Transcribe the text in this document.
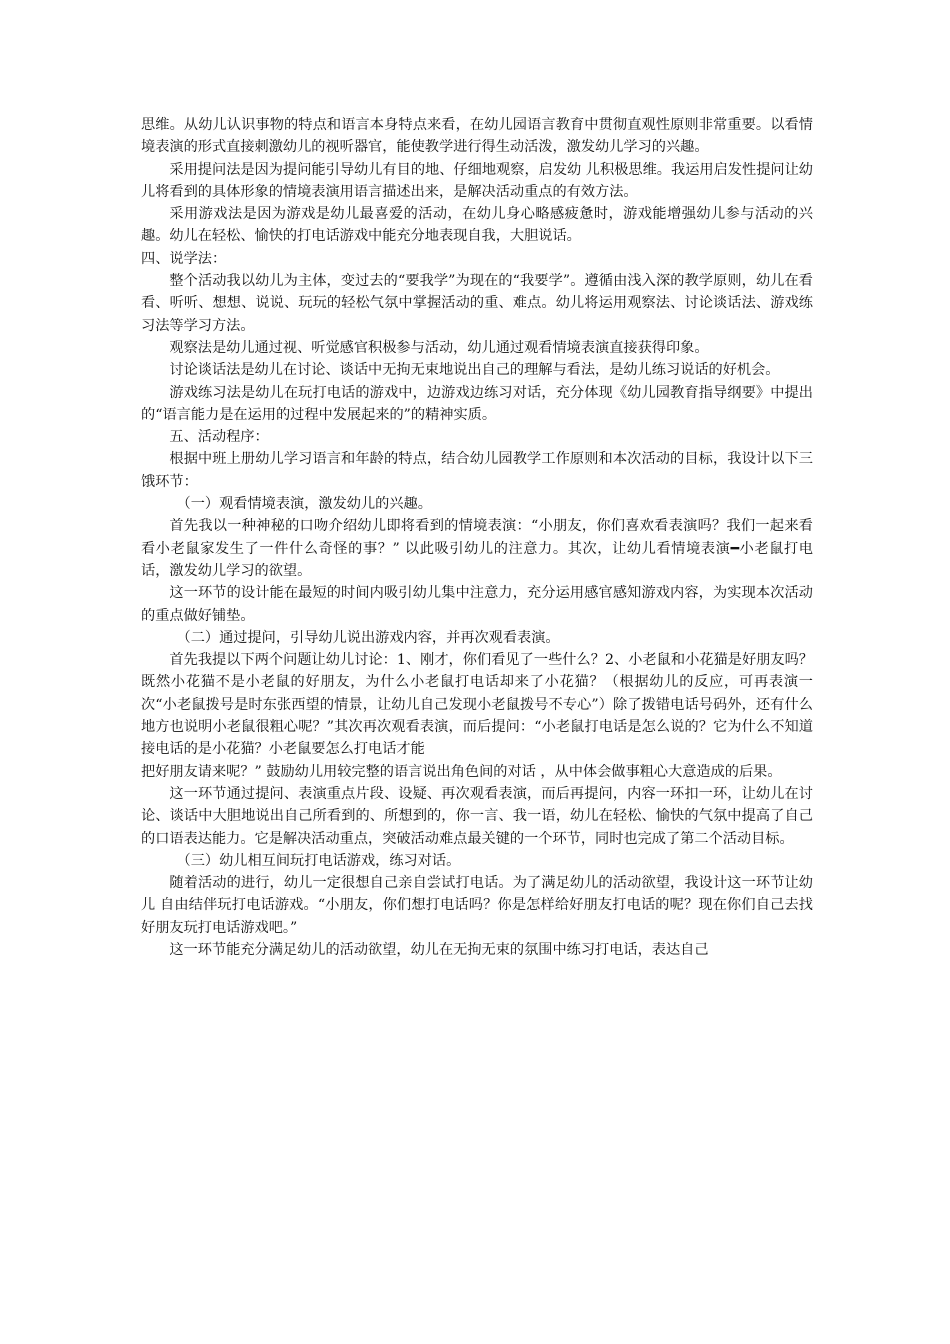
思维。从幼儿认识事物的特点和语言本身特点来看，在幼儿园语言教育中贯彻直观性原则非常重要。以看情境表演的形式直接刺激幼儿的视听器官，能使教学进行得生动活泼，激发幼儿学习的兴趣。

采用提问法是因为提问能引导幼儿有目的地、仔细地观察，启发幼 儿积极思维。我运用启发性提问让幼儿将看到的具体形象的情境表演用语言描述出来，是解决活动重点的有效方法。

采用游戏法是因为游戏是幼儿最喜爱的活动，在幼儿身心略感疲惫时，游戏能增强幼儿参与活动的兴趣。幼儿在轻松、愉快的打电话游戏中能充分地表现自我，大胆说话。

四、说学法：

整个活动我以幼儿为主体，变过去的“要我学”为现在的“我要学”。遵循由浅入深的教学原则，幼儿在看看、听听、想想、说说、玩玩的轻松气氛中掌握活动的重、难点。幼儿将运用观察法、讨论谈话法、游戏练习法等学习方法。

观察法是幼儿通过视、听觉感官积极参与活动，幼儿通过观看情境表演直接获得印象。

讨论谈话法是幼儿在讨论、谈话中无拘无束地说出自己的理解与看法，是幼儿练习说话的好机会。

游戏练习法是幼儿在玩打电话的游戏中，边游戏边练习对话，充分体现《幼儿园教育指导纲要》中提出的“语言能力是在运用的过程中发展起来的”的精神实质。

五、活动程序：

根据中班上册幼儿学习语言和年龄的特点，结合幼儿园教学工作原则和本次活动的目标，我设计以下三饿环节：

（一）观看情境表演，激发幼儿的兴趣。

首先我以一种神秘的口吻介绍幼儿即将看到的情境表演：“小朋友，你们喜欢看表演吗？我们一起来看看小老鼠家发生了一件什么奇怪的事？” 以此吸引幼儿的注意力。其次，让幼儿看情境表演━小老鼠打电话，激发幼儿学习的欲望。

这一环节的设计能在最短的时间内吸引幼儿集中注意力，充分运用感官感知游戏内容，为实现本次活动的重点做好铺垫。

（二）通过提问，引导幼儿说出游戏内容，并再次观看表演。

首先我提以下两个问题让幼儿讨论：1、刚才，你们看见了一些什么？2、小老鼠和小花猫是好朋友吗？既然小花猫不是小老鼠的好朋友，为什么小老鼠打电话却来了小花猫？（根据幼儿的反应，可再表演一次“小老鼠拨号是时东张西望的情景，让幼儿自己发现小老鼠拨号不专心”）除了拨错电话号码外，还有什么地方也说明小老鼠很粗心呢？”其次再次观看表演，而后提问：“小老鼠打电话是怎么说的？它为什么不知道接电话的是小花猫？小老鼠要怎么打电话才能

把好朋友请来呢？” 鼓励幼儿用较完整的语言说出角色间的对话 ，从中体会做事粗心大意造成的后果。

这一环节通过提问、表演重点片段、设疑、再次观看表演，而后再提问，内容一环扣一环，让幼儿在讨论、谈话中大胆地说出自己所看到的、所想到的，你一言、我一语，幼儿在轻松、愉快的气氛中提高了自己的口语表达能力。它是解决活动重点，突破活动难点最关键的一个环节，同时也完成了第二个活动目标。

（三）幼儿相互间玩打电话游戏，练习对话。

随着活动的进行，幼儿一定很想自己亲自尝试打电话。为了满足幼儿的活动欲望，我设计这一环节让幼儿 自由结伴玩打电话游戏。“小朋友，你们想打电话吗？你是怎样给好朋友打电话的呢？现在你们自己去找好朋友玩打电话游戏吧。”

这一环节能充分满足幼儿的活动欲望，幼儿在无拘无束的氛围中练习打电话，表达自己
